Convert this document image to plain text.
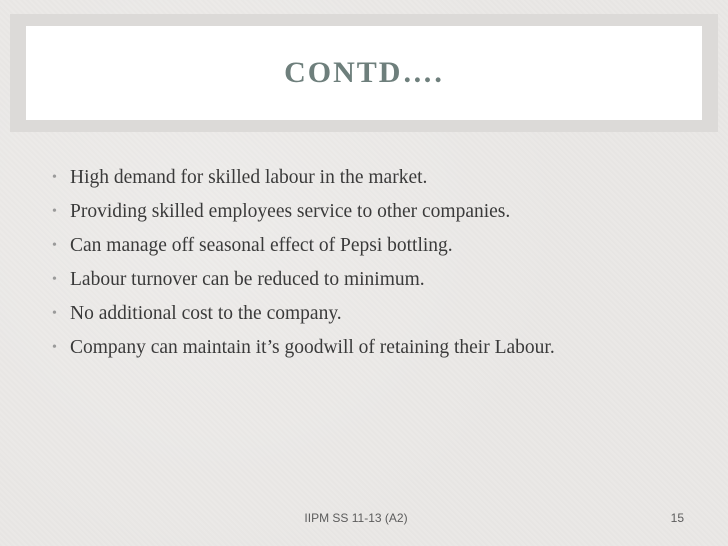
CONTD….
• High demand for skilled labour in the market.
• Providing skilled employees service to other companies.
• Can manage off seasonal effect of Pepsi bottling.
• Labour turnover can be reduced to minimum.
• No additional cost to the company.
• Company can maintain it’s goodwill of retaining their Labour.
IIPM SS 11-13 (A2)	15
